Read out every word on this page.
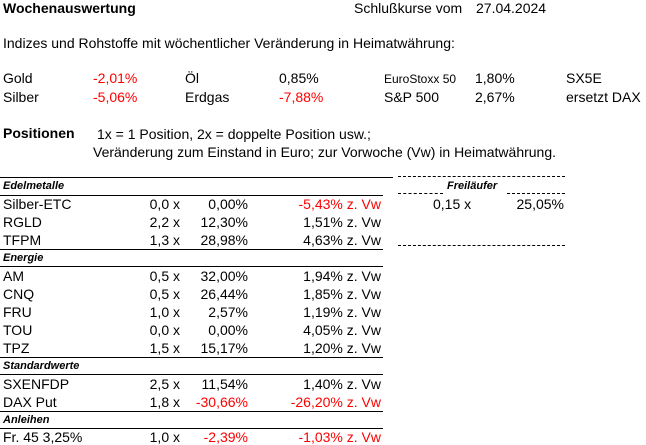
Wochenauswertung	Schlußkurse vom 27.04.2024
Indizes und Rohstoffe mit wöchentlicher Veränderung in Heimatwährung:
Gold	-2,01%	Öl	0,85%	EuroStoxx 50 1,80%	SX5E
Silber	-5,06%	Erdgas	-7,88%	S&P 500	2,67%	ersetzt DAX
Positionen 1x = 1 Position, 2x = doppelte Position usw.;
Veränderung zum Einstand in Euro; zur Vorwoche (Vw) in Heimatwährung.
Edelmetalle
Silber-ETC	0,0 x	0,00%	-5,43% z. Vw
RGLD	2,2 x	12,30%	1,51% z. Vw
TFPM	1,3 x	28,98%	4,63% z. Vw
Energie
AM	0,5 x	32,00%	1,94% z. Vw
CNQ	0,5 x	26,44%	1,85% z. Vw
FRU	1,0 x	2,57%	1,19% z. Vw
TOU	0,0 x	0,00%	4,05% z. Vw
TPZ	1,5 x	15,17%	1,20% z. Vw
Standardwerte
SXENFDP	2,5 x	11,54%	1,40% z. Vw
DAX Put	1,8 x	-30,66%	-26,20% z. Vw
Anleihen
Fr. 45 3,25%	1,0 x	-2,39%	-1,03% z. Vw
Freiläufer
0,15 x	25,05%
